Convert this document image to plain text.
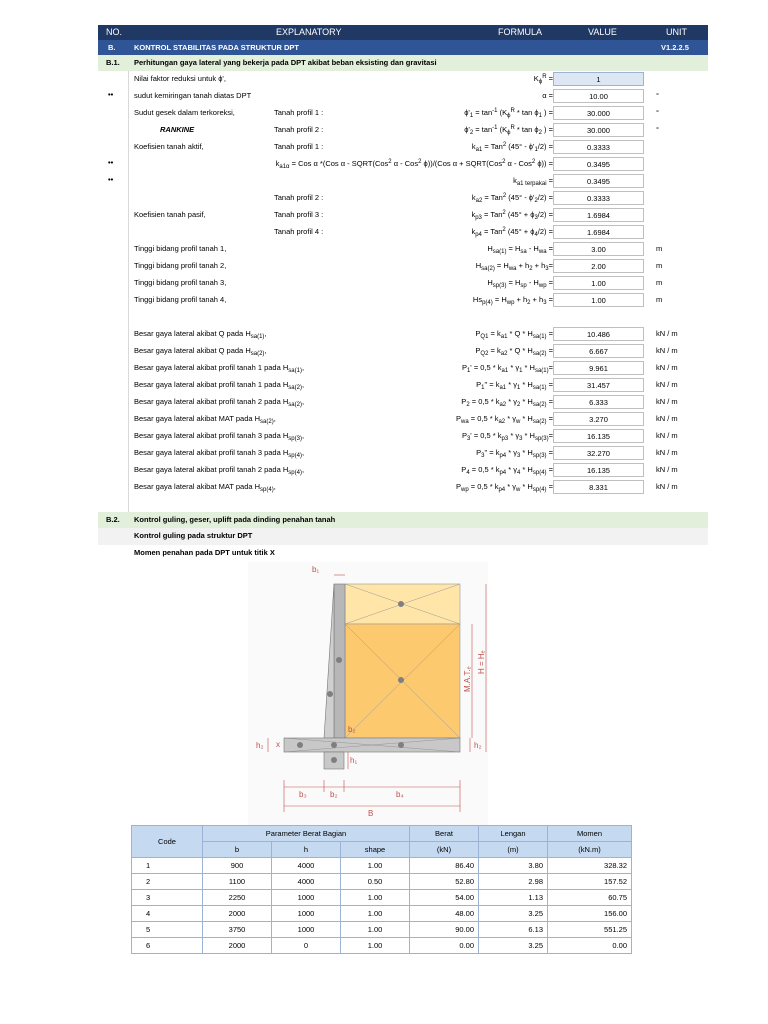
NO.	EXPLANATORY	FORMULA	VALUE	UNIT
B. KONTROL STABILITAS PADA STRUKTUR DPT	V1.2.2.5
B.1. Perhitungan gaya lateral yang bekerja pada DPT akibat beban eksisting dan gravitasi
Nilai faktor reduksi untuk ϕ',	$K_\phi^R$ =	1
••	sudut kemiringan tanah diatas DPT	α =	10.00	°
Sudut gesek dalam terkoreksi,	Tanah profil 1 :	$\phi'_1 = \tan^{-1} (K_\phi^R * \tan \phi_1$ ) =	30.000	°
RANKINE	Tanah profil 2 :	$\phi'_2 = \tan^{-1} (K_\phi^R * \tan \phi_2$ ) =	30.000	°
Koefisien tanah aktif,	Tanah profil 1 :	$k_{a1} = Tan^2$ $(45^\circ - \phi'_1/2)$ =	0.3333
••	$k_{a1\alpha}$ = Cos α *(Cos α - SQRT(Cos$^2$ α - Cos$^2$ ϕ))/(Cos α + SQRT(Cos$^2$ α - Cos$^2$ ϕ)) =	0.3495
••	$k_{a1 terpakai}$ =	0.3495
Tanah profil 2 :	$k_{a2} = Tan^2$ $(45^\circ - \phi'_2/2)$ =	0.3333
Koefisien tanah pasif,	Tanah profil 3 :	$k_{p3} = Tan^2$ $(45^\circ + \phi_3/2)$ =	1.6984
Tanah profil 4 :	$k_{p4} = Tan^2$ $(45^\circ + \phi_4/2)$ =	1.6984
Tinggi bidang profil tanah 1,	$H_{sa(1)} = H_{sa} - H_{wa}$ =	3.00	m
Tinggi bidang profil tanah 2,	$H_{sa(2)} = H_{wa} + h_2 + h_3=$	2.00	m
Tinggi bidang profil tanah 3,	$H_{sp(3)} = H_{sp} - H_{wp}$ =	1.00	m
Tinggi bidang profil tanah 4,	$Hs_{p(4)} = H_{wp} + h_2 + h_3$ =	1.00	m
Besar gaya lateral akibat Q pada $H_{sa(1)}$,	$P_{Q1} = k_{a1} * Q * H_{sa(1)}$ =	10.486	kN / m
Besar gaya lateral akibat Q pada $H_{sa(2)}$,	$P_{Q2} = k_{a2} * Q * H_{sa(2)}$ =	6.667	kN / m
Besar gaya lateral akibat profil tanah 1 pada $H_{sa(1)}$,	$P_1' = 0,5 * k_{a1} * \gamma_1 * H_{sa(1)}=$	9.961	kN / m
Besar gaya lateral akibat profil tanah 1 pada $H_{sa(2)}$,	$P_1$" = $k_{a1} * \gamma_1 * H_{sa(1)}$ =	31.457	kN / m
Besar gaya lateral akibat profil tanah 2 pada $H_{sa(2)}$,	$P_2 = 0,5 * k_{a2} * \gamma_2 * H_{sa(2)}$ =	6.333	kN / m
Besar gaya lateral akibat MAT pada $H_{sa(2)}$,	$P_{wa} = 0,5 * k_{a2} * \gamma_w * H_{sa(2)}$ =	3.270	kN / m
Besar gaya lateral akibat profil tanah 3 pada $H_{sp(3)}$,	$P_3' = 0,5 * k_{p3} * \gamma_3 * H_{sp(3)}=$	16.135	kN / m
Besar gaya lateral akibat profil tanah 3 pada $H_{sp(4)}$,	$P_3$" = $k_{p4} * \gamma_3 * H_{sp(3)}$ =	32.270	kN / m
Besar gaya lateral akibat profil tanah 2 pada $H_{sp(4)}$,	$P_4 = 0,5 * k_{p4} * \gamma_4 * H_{sp(4)}$ =	16.135	kN / m
Besar gaya lateral akibat MAT pada $H_{sp(4)}$,	$P_{wp} = 0,5 * k_{p4} * \gamma_w * H_{sp(4)}$ =	8.331	kN / m
B.2. Kontrol guling, geser, uplift pada dinding penahan tanah
Kontrol guling pada struktur DPT
Momen penahan pada DPT untuk titik X
b₁
b₂
b₃	b₂	b₄
B
h₁
h₂	h₂
x
M.A.T.ₑ
H = Hₑ
Code	Parameter Berat Bagian			Berat	Lengan	Momen
	b	h	shape	(kN)	(m)	(kN.m)
1	900	4000	1.00	86.40	3.80	328.32
2	1100	4000	0.50	52.80	2.98	157.52
3	2250	1000	1.00	54.00	1.13	60.75
4	2000	1000	1.00	48.00	3.25	156.00
5	3750	1000	1.00	90.00	6.13	551.25
6	2000	0	1.00	0.00	3.25	0.00
